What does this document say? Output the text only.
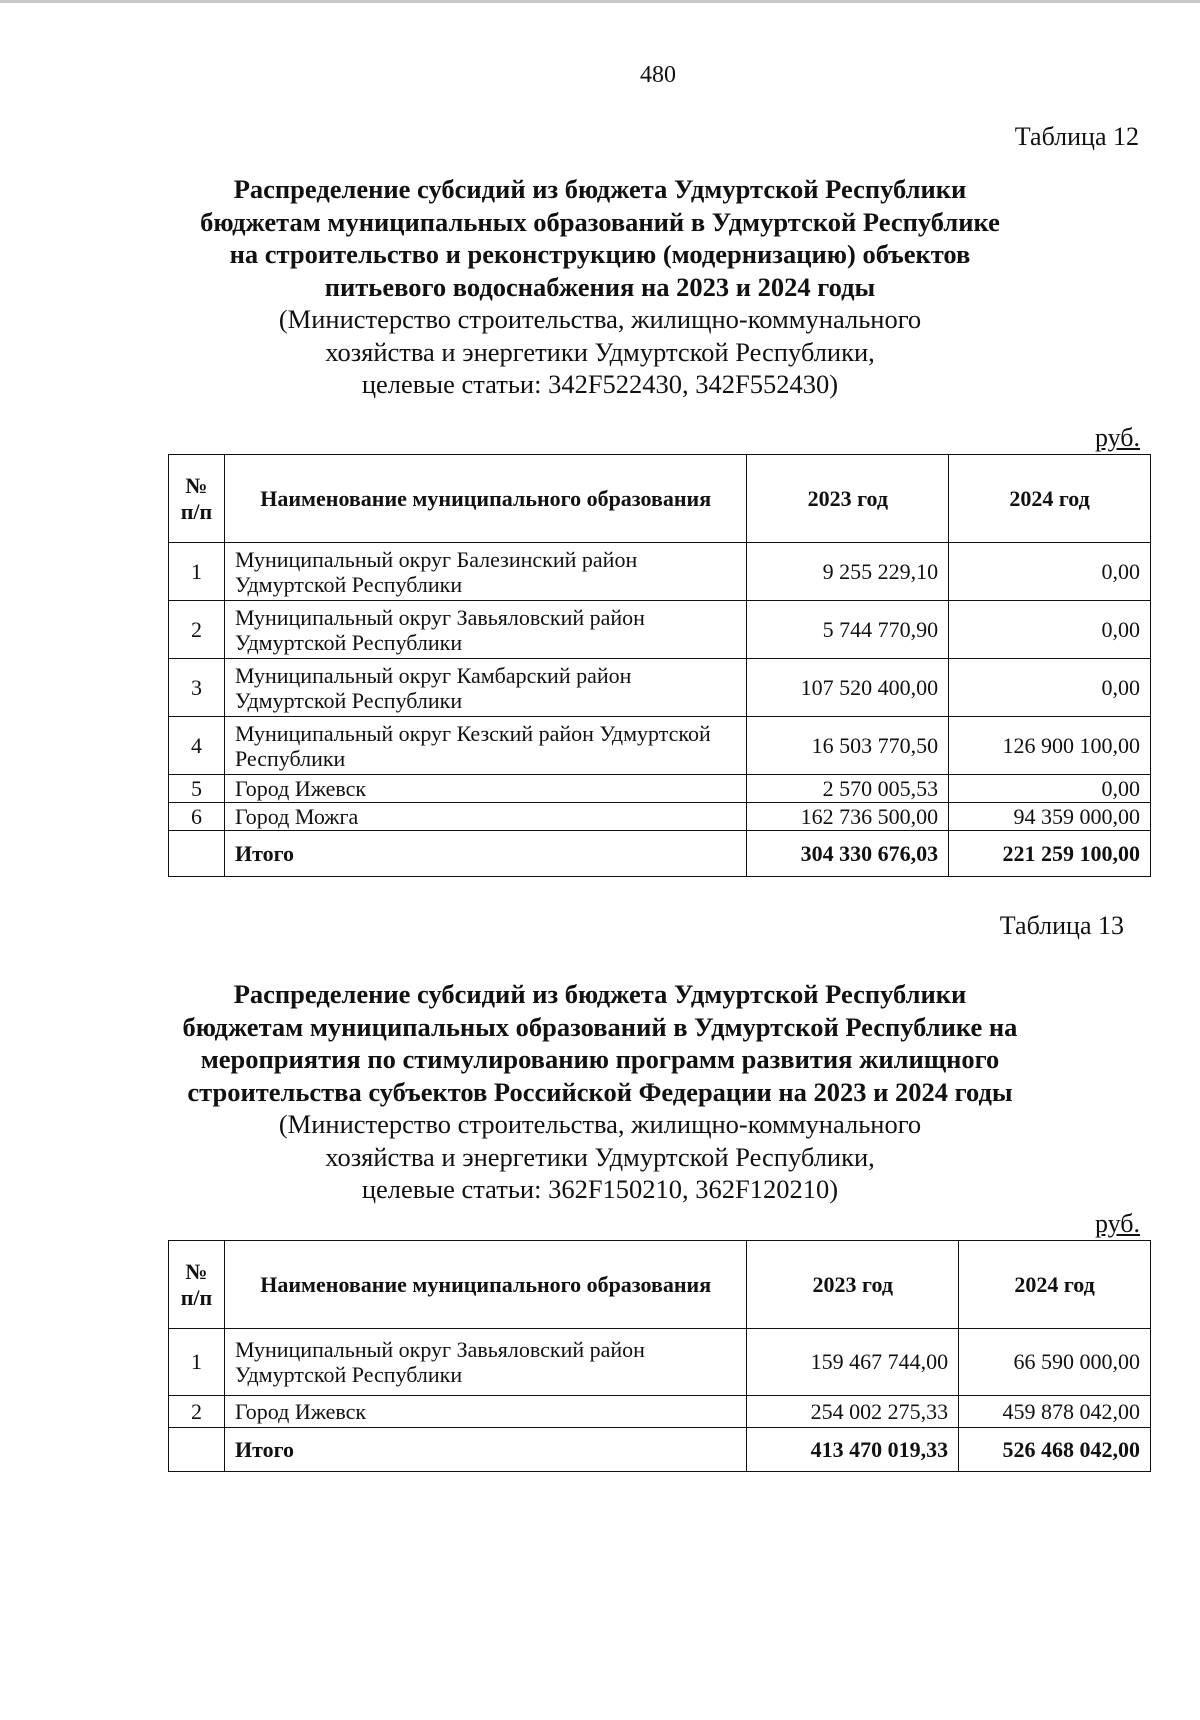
480
Таблица 12
Распределение субсидий из бюджета Удмуртской Республики
бюджетам муниципальных образований в Удмуртской Республике
на строительство и реконструкцию (модернизацию) объектов
питьевого водоснабжения на 2023 и 2024 годы
(Министерство строительства, жилищно-коммунального
хозяйства и энергетики Удмуртской Республики,
целевые статьи: 342F522430, 342F552430)
руб.
№ п/п	Наименование муниципального образования	2023 год	2024 год
1	Муниципальный округ Балезинский район Удмуртской Республики	9 255 229,10	0,00
2	Муниципальный округ Завьяловский район Удмуртской Республики	5 744 770,90	0,00
3	Муниципальный округ Камбарский район Удмуртской Республики	107 520 400,00	0,00
4	Муниципальный округ Кезский район Удмуртской Республики	16 503 770,50	126 900 100,00
5	Город Ижевск	2 570 005,53	0,00
6	Город Можга	162 736 500,00	94 359 000,00
	Итого	304 330 676,03	221 259 100,00
Таблица 13
Распределение субсидий из бюджета Удмуртской Республики
бюджетам муниципальных образований в Удмуртской Республике на
мероприятия по стимулированию программ развития жилищного
строительства субъектов Российской Федерации на 2023 и 2024 годы
(Министерство строительства, жилищно-коммунального
хозяйства и энергетики Удмуртской Республики,
целевые статьи: 362F150210, 362F120210)
руб.
№ п/п	Наименование муниципального образования	2023 год	2024 год
1	Муниципальный округ Завьяловский район Удмуртской Республики	159 467 744,00	66 590 000,00
2	Город Ижевск	254 002 275,33	459 878 042,00
	Итого	413 470 019,33	526 468 042,00
